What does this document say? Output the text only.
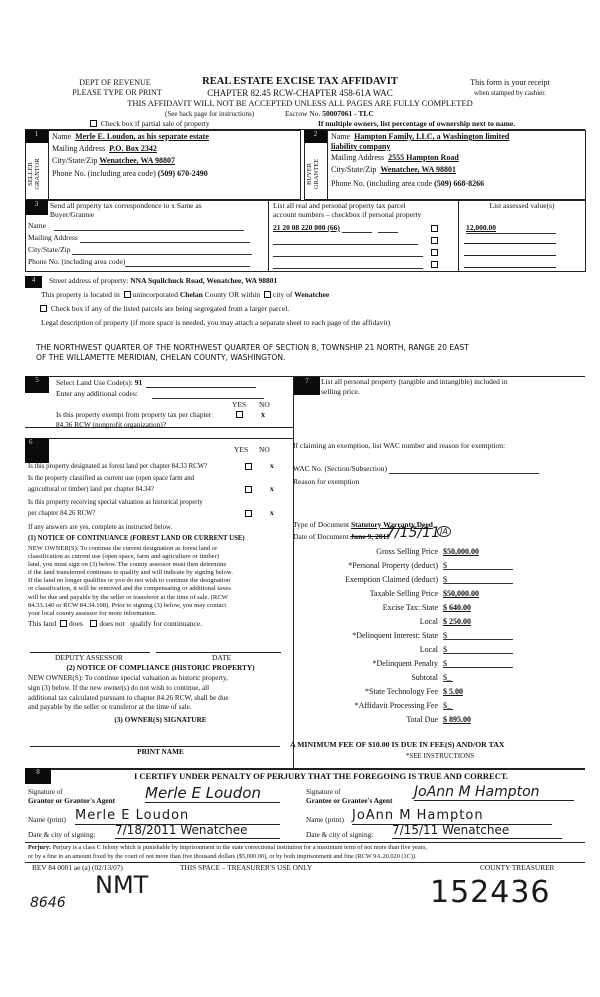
DEPT OF REVENUE
PLEASE TYPE OR PRINT
REAL ESTATE EXCISE TAX AFFIDAVIT
CHAPTER 82.45 RCW-CHAPTER 458-61A WAC
This form is your receipt
when stamped by cashier.
THIS AFFIDAVIT WILL NOT BE ACCEPTED UNLESS ALL PAGES ARE FULLY COMPLETED
(See back page for instructions)	Escrow No. 50007061 - TLC
Check box if partial sale of property	If multiple owners, list percentage of ownership next to name.
1
SELLER
GRANTOR
Name Merle E. Loudon, as his separate estate
Mailing Address P.O. Box 2342
City/State/Zip Wenatchee, WA 98807
Phone No. (including area code) (509) 670-2490
2
BUYER
GRANTEE
Name Hampton Family, LLC, a Washington limited
liability company
Mailing Address 2555 Hampton Road
City/State/Zip Wenatchee, WA 98801
Phone No. (including area code (509) 668-8266
3	Send all property tax correspondence to x Same as
Buyer/Grantee
Name
Mailing Address
City/State/Zip
Phone No. (including area code)
List all real and personal property tax parcel
account numbers – checkbox if personal property
21 20 08 220 000 (66)
List assessed value(s)
12,000.00
4	Street address of property: NNA Squilchuck Road, Wenatchee, WA 98801
This property is located in unincorporated Chelan County OR within city of Wenatchee
Check box if any of the listed parcels are being segregated from a larger parcel.
Legal description of property (if more space is needed, you may attach a separate sheet to each page of the affidavit)
THE NORTHWEST QUARTER OF THE NORTHWEST QUARTER OF SECTION 8, TOWNSHIP 21 NORTH, RANGE 20 EAST
OF THE WILLAMETTE MERIDIAN, CHELAN COUNTY, WASHINGTON.
5	Select Land Use Code(s): 91
Enter any additional codes:
YES NO
Is this property exempt from property tax per chapter
84.36 RCW (nonprofit organization)?
x
7	List all personal property (tangible and intangible) included in
selling price.
If claiming an exemption, list WAC number and reason for exemption:
WAC No. (Section/Subsection)
Reason for exemption
Type of Document Statutory Warranty Deed
Date of Document June 9, 2011
7/15/11 JA
Gross Selling Price $50,000.00
*Personal Property (deduct) $
Exemption Claimed (deduct) $
Taxable Selling Price $50,000.00
Excise Tax: State $ 640.00
Local $ 250.00
*Delinquent Interest: State $
Local $
*Delinquent Penalty $
Subtotal $_
*State Technology Fee $ 5.00
*Affidavit Processing Fee $_
Total Due $ 895.00
A MINIMUM FEE OF $10.00 IS DUE IN FEE(S) AND/OR TAX
*SEE INSTRUCTIONS
6
YES NO
Is this property designated as forest land per chapter 84.33 RCW?	x
Is the property classified as current use (open space farm and
agricultural or timber) land per chapter 84.34?	x
Is this property receiving special valuation as historical property
per chapter 84.26 RCW?	x
If any answers are yes, complete as instructed below.
(1) NOTICE OF CONTINUANCE (FOREST LAND OR CURRENT USE)
NEW OWNER(S): To continue the current designation as forest land or
classification as current use (open space, farm and agriculture or timber)
land, you must sign on (3) below. The county assessor must then determine
if the land transferred continues to qualify and will indicate by signing below.
If the land no longer qualifies or you do not wish to continue the designation
or classification, it will be removed and the compensating or additional taxes
will be due and payable by the seller or transferor at the time of sale. (RCW
84.33.140 or RCW 84.34.108). Prior to signing (3) below, you may contact
your local county assessor for more information.
This land does does not qualify for continuance.
DEPUTY ASSESSOR	DATE
(2) NOTICE OF COMPLIANCE (HISTORIC PROPERTY)
NEW OWNER(S): To continue special valuation as historic property,
sign (3) below. If the new owner(s) do not wish to continue, all
additional tax calculated pursuant to chapter 84.26 RCW, shall be due
and payable by the seller or transferor at the time of sale.
(3) OWNER(S) SIGNATURE
PRINT NAME
8	I CERTIFY UNDER PENALTY OF PERJURY THAT THE FOREGOING IS TRUE AND CORRECT.
Signature of
Grantor or Grantor's Agent Merle E Loudon
Name (print) Merle E Loudon
Date & city of signing: 7/18/2011 Wenatchee
Signature of
Grantee or Grantee's Agent
JoAnn M Hampton
Name (print) JoAnn M Hampton
Date & city of signing: 7/15/11 Wenatchee
Perjury: Perjury is a class C felony which is punishable by imprisonment in the state correctional institution for a maximum term of not more than five years,
or by a fine in an amount fixed by the court of not more than five thousand dollars ($5,000.00), or by both imprisonment and fine (RCW 9A.20.020 (1C)).
REV 84 0001 ae (a) (02/13/07)	THIS SPACE – TREASURER'S USE ONLY	COUNTY TREASURER
8646
NMT	152436
